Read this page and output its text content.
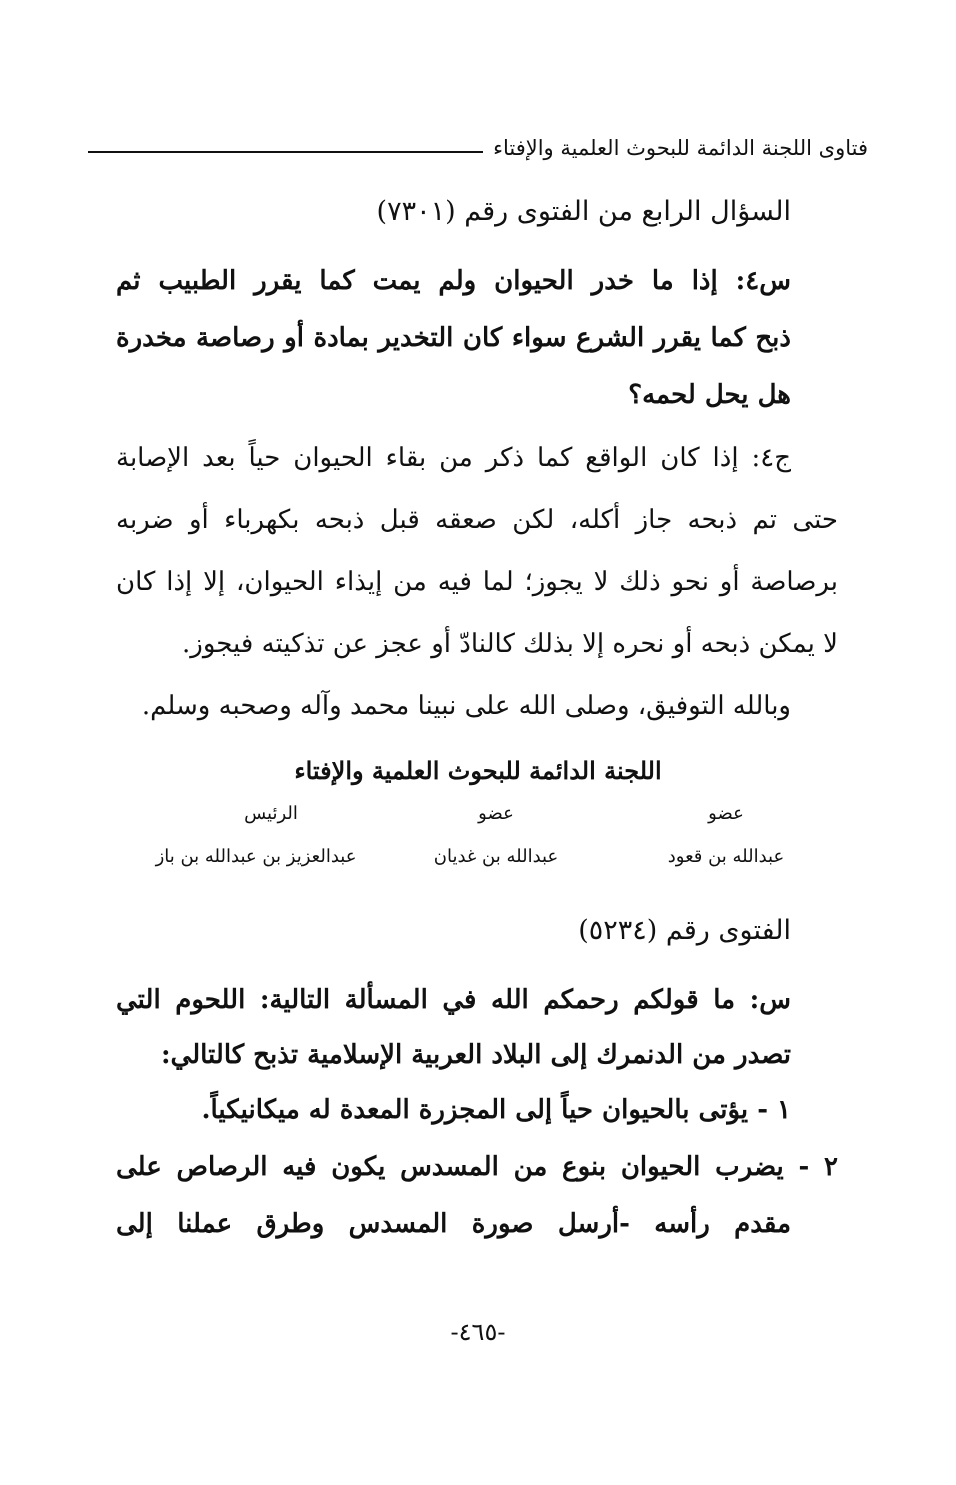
فتاوى اللجنة الدائمة للبحوث العلمية والإفتاء
السؤال الرابع من الفتوى رقم (٧٣٠١)
س٤: إذا ما خدر الحيوان ولم يمت كما يقرر الطبيب ثم
ذبح كما يقرر الشرع سواء كان التخدير بمادة أو رصاصة مخدرة
هل يحل لحمه؟
ج٤: إذا كان الواقع كما ذكر من بقاء الحيوان حياً بعد الإصابة
حتى تم ذبحه جاز أكله، لكن صعقه قبل ذبحه بكهرباء أو ضربه
برصاصة أو نحو ذلك لا يجوز؛ لما فيه من إيذاء الحيوان، إلا إذا كان
لا يمكن ذبحه أو نحره إلا بذلك كالنادّ أو عجز عن تذكيته فيجوز.
وبالله التوفيق، وصلى الله على نبينا محمد وآله وصحبه وسلم.
اللجنة الدائمة للبحوث العلمية والإفتاء
عضو
عبدالله بن قعود
عضو
عبدالله بن غديان
الرئيس
عبدالعزيز بن عبدالله بن باز
الفتوى رقم (٥٢٣٤)
س: ما قولكم رحمكم الله في المسألة التالية: اللحوم التي
تصدر من الدنمرك إلى البلاد العربية الإسلامية تذبح كالتالي:
١ - يؤتى بالحيوان حياً إلى المجزرة المعدة له ميكانيكياً.
٢ - يضرب الحيوان بنوع من المسدس يكون فيه الرصاص على
مقدم رأسه -أرسل صورة المسدس وطرق عملنا إلى
-٤٦٥-
